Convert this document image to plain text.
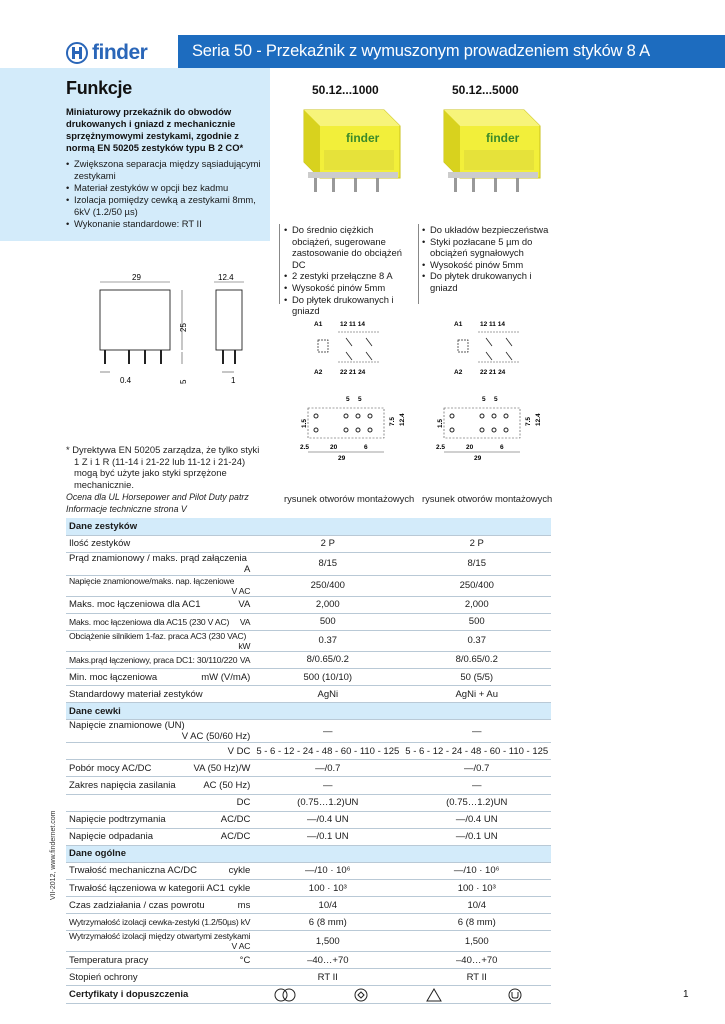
finder	Seria 50 - Przekaźnik z wymuszonym prowadzeniem styków 8 A
Funkcje
Miniaturowy przekaźnik do obwodów drukowanych i gniazd z mechanicznie sprzężnymowymi zestykami, zgodnie z normą EN 50205 zestyków typu B 2 CO*
• Zwiększona separacja między sąsiadującymi zestykami
• Materiał zestyków w opcji bez kadmu
• Izolacja pomiędzy cewką a zestykami 8mm, 6kV (1.2/50 µs)
• Wykonanie standardowe: RT II
50.12...1000	50.12...5000
finder	finder
• Do średnio ciężkich obciążeń, sugerowane zastosowanie do obciążeń DC
• 2 zestyki przełączne 8 A
• Wysokość pinów 5mm
• Do płytek drukowanych i gniazd
• Do układów bezpieczeństwa
• Styki pozłacane 5 µm do obciążeń sygnałowych
• Wysokość pinów 5mm
• Do płytek drukowanych i gniazd
29
0.4
25
5
12.4
1
A1	12 11 14
A2	22 21 24
A1	12 11 14
A2	22 21 24
5 5
1.5	7.5 12.4
2.5	20	6
29
5 5
1.5	7.5 12.4
2.5	20	6
29
* Dyrektywa EN 50205 zarządza, że tylko styki
1 Z i 1 R (11-14 i 21-22 lub 11-12 i 21-24)
mogą być użyte jako styki sprzężone
mechanicznie.
Ocena dla UL Horsepower and Pilot Duty patrz
Informacje techniczne strona V
rysunek otworów montażowych rysunek otworów montażowych
Dane zestyków		

Ilość zestyków	2 P	2 P

Prąd znamionowy / maks. prąd załączenia
A	8/15	8/15

Napięcie znamionowe/maks. nap. łączeniowe
V AC	250/400	250/400

Maks. moc łączeniowa dla AC1 VA	2,000	2,000

Maks. moc łączeniowa dla AC15 (230 V AC) VA	500	500

Obciążenie silnikiem 1-faz. praca AC3 (230 VAC)
kW	0.37	0.37

Maks.prąd łączeniowy, praca DC1: 30/110/220 VA	8/0.65/0.2	8/0.65/0.2

Min. moc łączeniowa mW (V/mA)	500 (10/10)	50 (5/5)

Standardowy materiał zestyków	AgNi	AgNi + Au
Dane cewki		

Napięcie znamionowe (UN)
V AC (50/60 Hz)	—	—

V DC	5 - 6 - 12 - 24 - 48 - 60 - 110 - 125	5 - 6 - 12 - 24 - 48 - 60 - 110 - 125

Pobór mocy AC/DC VA (50 Hz)/W	—/0.7	—/0.7

Zakres napięcia zasilania AC (50 Hz)	—	—

DC	(0.75…1.2)UN	(0.75…1.2)UN

Napięcie podtrzymania AC/DC	—/0.4 UN	—/0.4 UN

Napięcie odpadania AC/DC	—/0.1 UN	—/0.1 UN
Dane ogólne		

Trwałość mechaniczna AC/DC cykle	—/10 · 10⁶	—/10 · 10⁶

Trwałość łączeniowa w kategorii AC1 cykle	100 · 10³	100 · 10³

Czas zadziałania / czas powrotu ms	10/4	10/4

Wytrzymałość izolacji cewka-zestyki (1.2/50µs) kV	6 (8 mm)	6 (8 mm)

Wytrzymałość izolacji między otwartymi zestykami
V AC	1,500	1,500

Temperatura pracy °C	–40…+70	–40…+70

Stopień ochrony	RT II	RT II
Certyfikaty i dopuszczenia	
VII-2012, www.findernet.com
1
